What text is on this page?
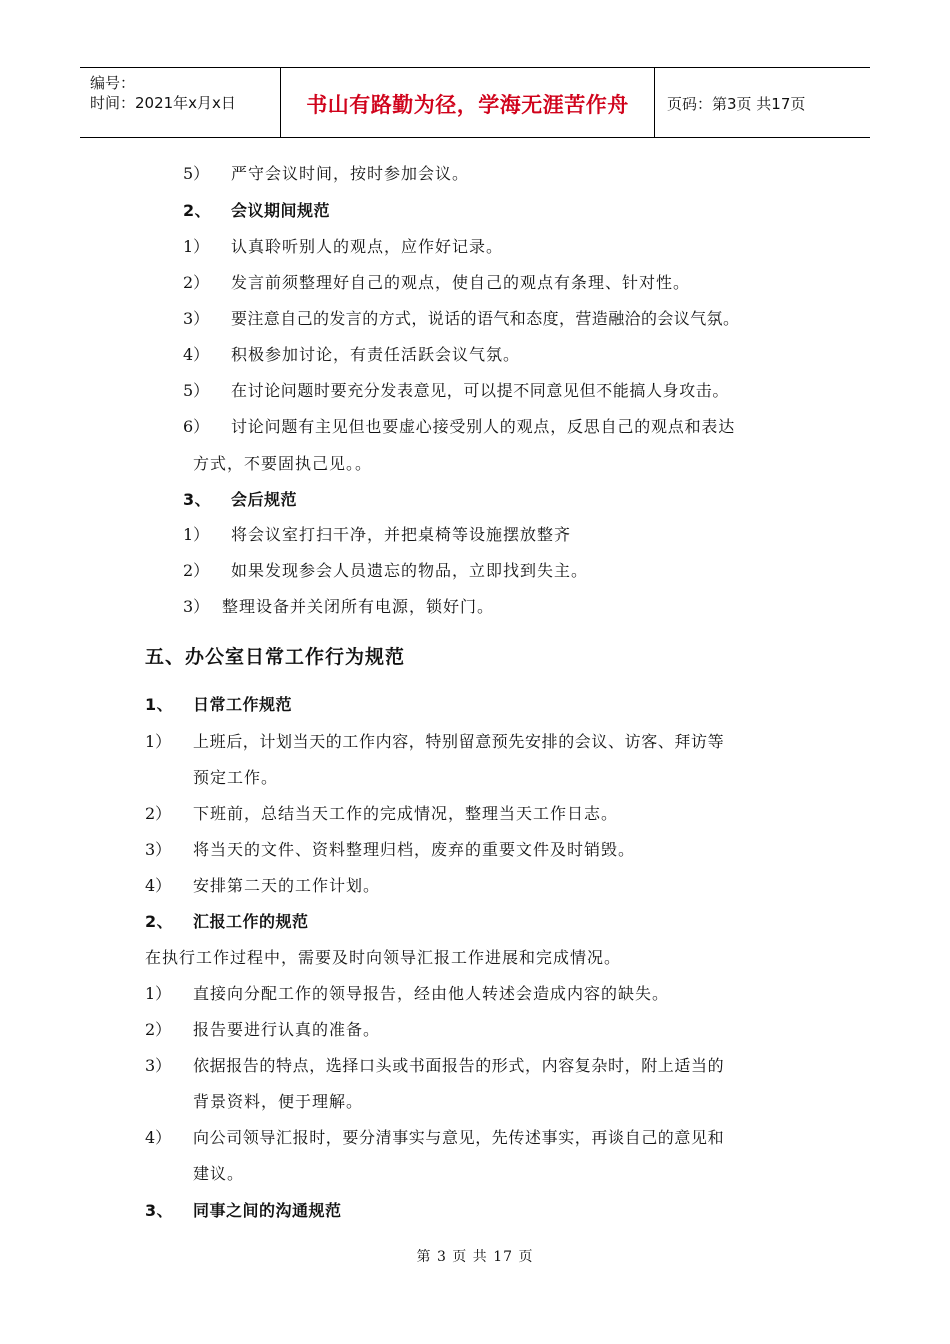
编号：
时间：2021年x月x日	书山有路勤为径，学海无涯苦作舟	页码：第3页 共17页
5） 严守会议时间，按时参加会议。
2、 会议期间规范
1） 认真聆听别人的观点，应作好记录。
2） 发言前须整理好自己的观点，使自己的观点有条理、针对性。
3） 要注意自己的发言的方式，说话的语气和态度，营造融洽的会议气氛。
4） 积极参加讨论，有责任活跃会议气氛。
5） 在讨论问题时要充分发表意见，可以提不同意见但不能搞人身攻击。
6） 讨论问题有主见但也要虚心接受别人的观点，反思自己的观点和表达
方式，不要固执己见。。
3、 会后规范
1） 将会议室打扫干净，并把桌椅等设施摆放整齐
2） 如果发现参会人员遗忘的物品，立即找到失主。
3） 整理设备并关闭所有电源，锁好门。
五、办公室日常工作行为规范
1、 日常工作规范
1） 上班后，计划当天的工作内容，特别留意预先安排的会议、访客、拜访等
预定工作。
2） 下班前，总结当天工作的完成情况，整理当天工作日志。
3） 将当天的文件、资料整理归档，废弃的重要文件及时销毁。
4） 安排第二天的工作计划。
2、 汇报工作的规范
在执行工作过程中，需要及时向领导汇报工作进展和完成情况。
1） 直接向分配工作的领导报告，经由他人转述会造成内容的缺失。
2） 报告要进行认真的准备。
3） 依据报告的特点，选择口头或书面报告的形式，内容复杂时，附上适当的
背景资料，便于理解。
4） 向公司领导汇报时，要分清事实与意见，先传述事实，再谈自己的意见和
建议。
3、 同事之间的沟通规范
第 3 页 共 17 页
